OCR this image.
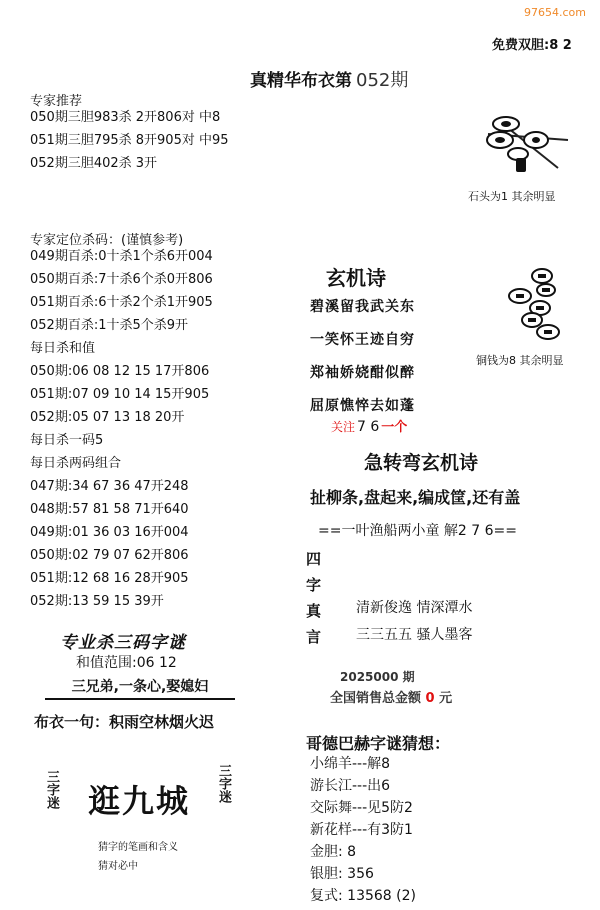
97654.com
免费双胆:8 2
真精华布衣第 052期
专家推荐
050期三胆983杀 2开806对 中8
051期三胆795杀 8开905对 中95
052期三胆402杀 3开
专家定位杀码：(谨慎参考)
049期百杀:0十杀1个杀6开004
050期百杀:7十杀6个杀0开806
051期百杀:6十杀2个杀1开905
052期百杀:1十杀5个杀9开
每日杀和值
050期:06 08 12 15 17开806
051期:07 09 10 14 15开905
052期:05 07 13 18 20开
每日杀一码5
每日杀两码组合
047期:34 67 36 47开248
048期:57 81 58 71开640
049期:01 36 03 16开004
050期:02 79 07 62开806
051期:12 68 16 28开905
052期:13 59 15 39开
专业杀三码字谜
和值范围:06 12
三兄弟,一条心,娶媳妇
布衣一句：积雨空林烟火迟
三字迷 逛九城 三字迷
猜字的笔画和含义
猜对必中
石头为1 其余明显
铜钱为8 其余明显
玄机诗
碧溪留我武关东
一笑怀王迹自穷
郑袖娇娆酣似醉
屈原憔悴去如蓬
关注 7 6 一个
急转弯玄机诗
扯柳条,盘起来,编成筐,还有盖
==一叶渔船两小童 解2 7 6==
四字真言
清新俊逸 情深潭水
三三五五 骚人墨客
2025000 期
全国销售总金额 0 元
哥德巴赫字谜猜想：
小绵羊---解8
游长江---出6
交际舞---见5防2
新花样---有3防1
金胆: 8
银胆: 356
复式: 13568 (2)
